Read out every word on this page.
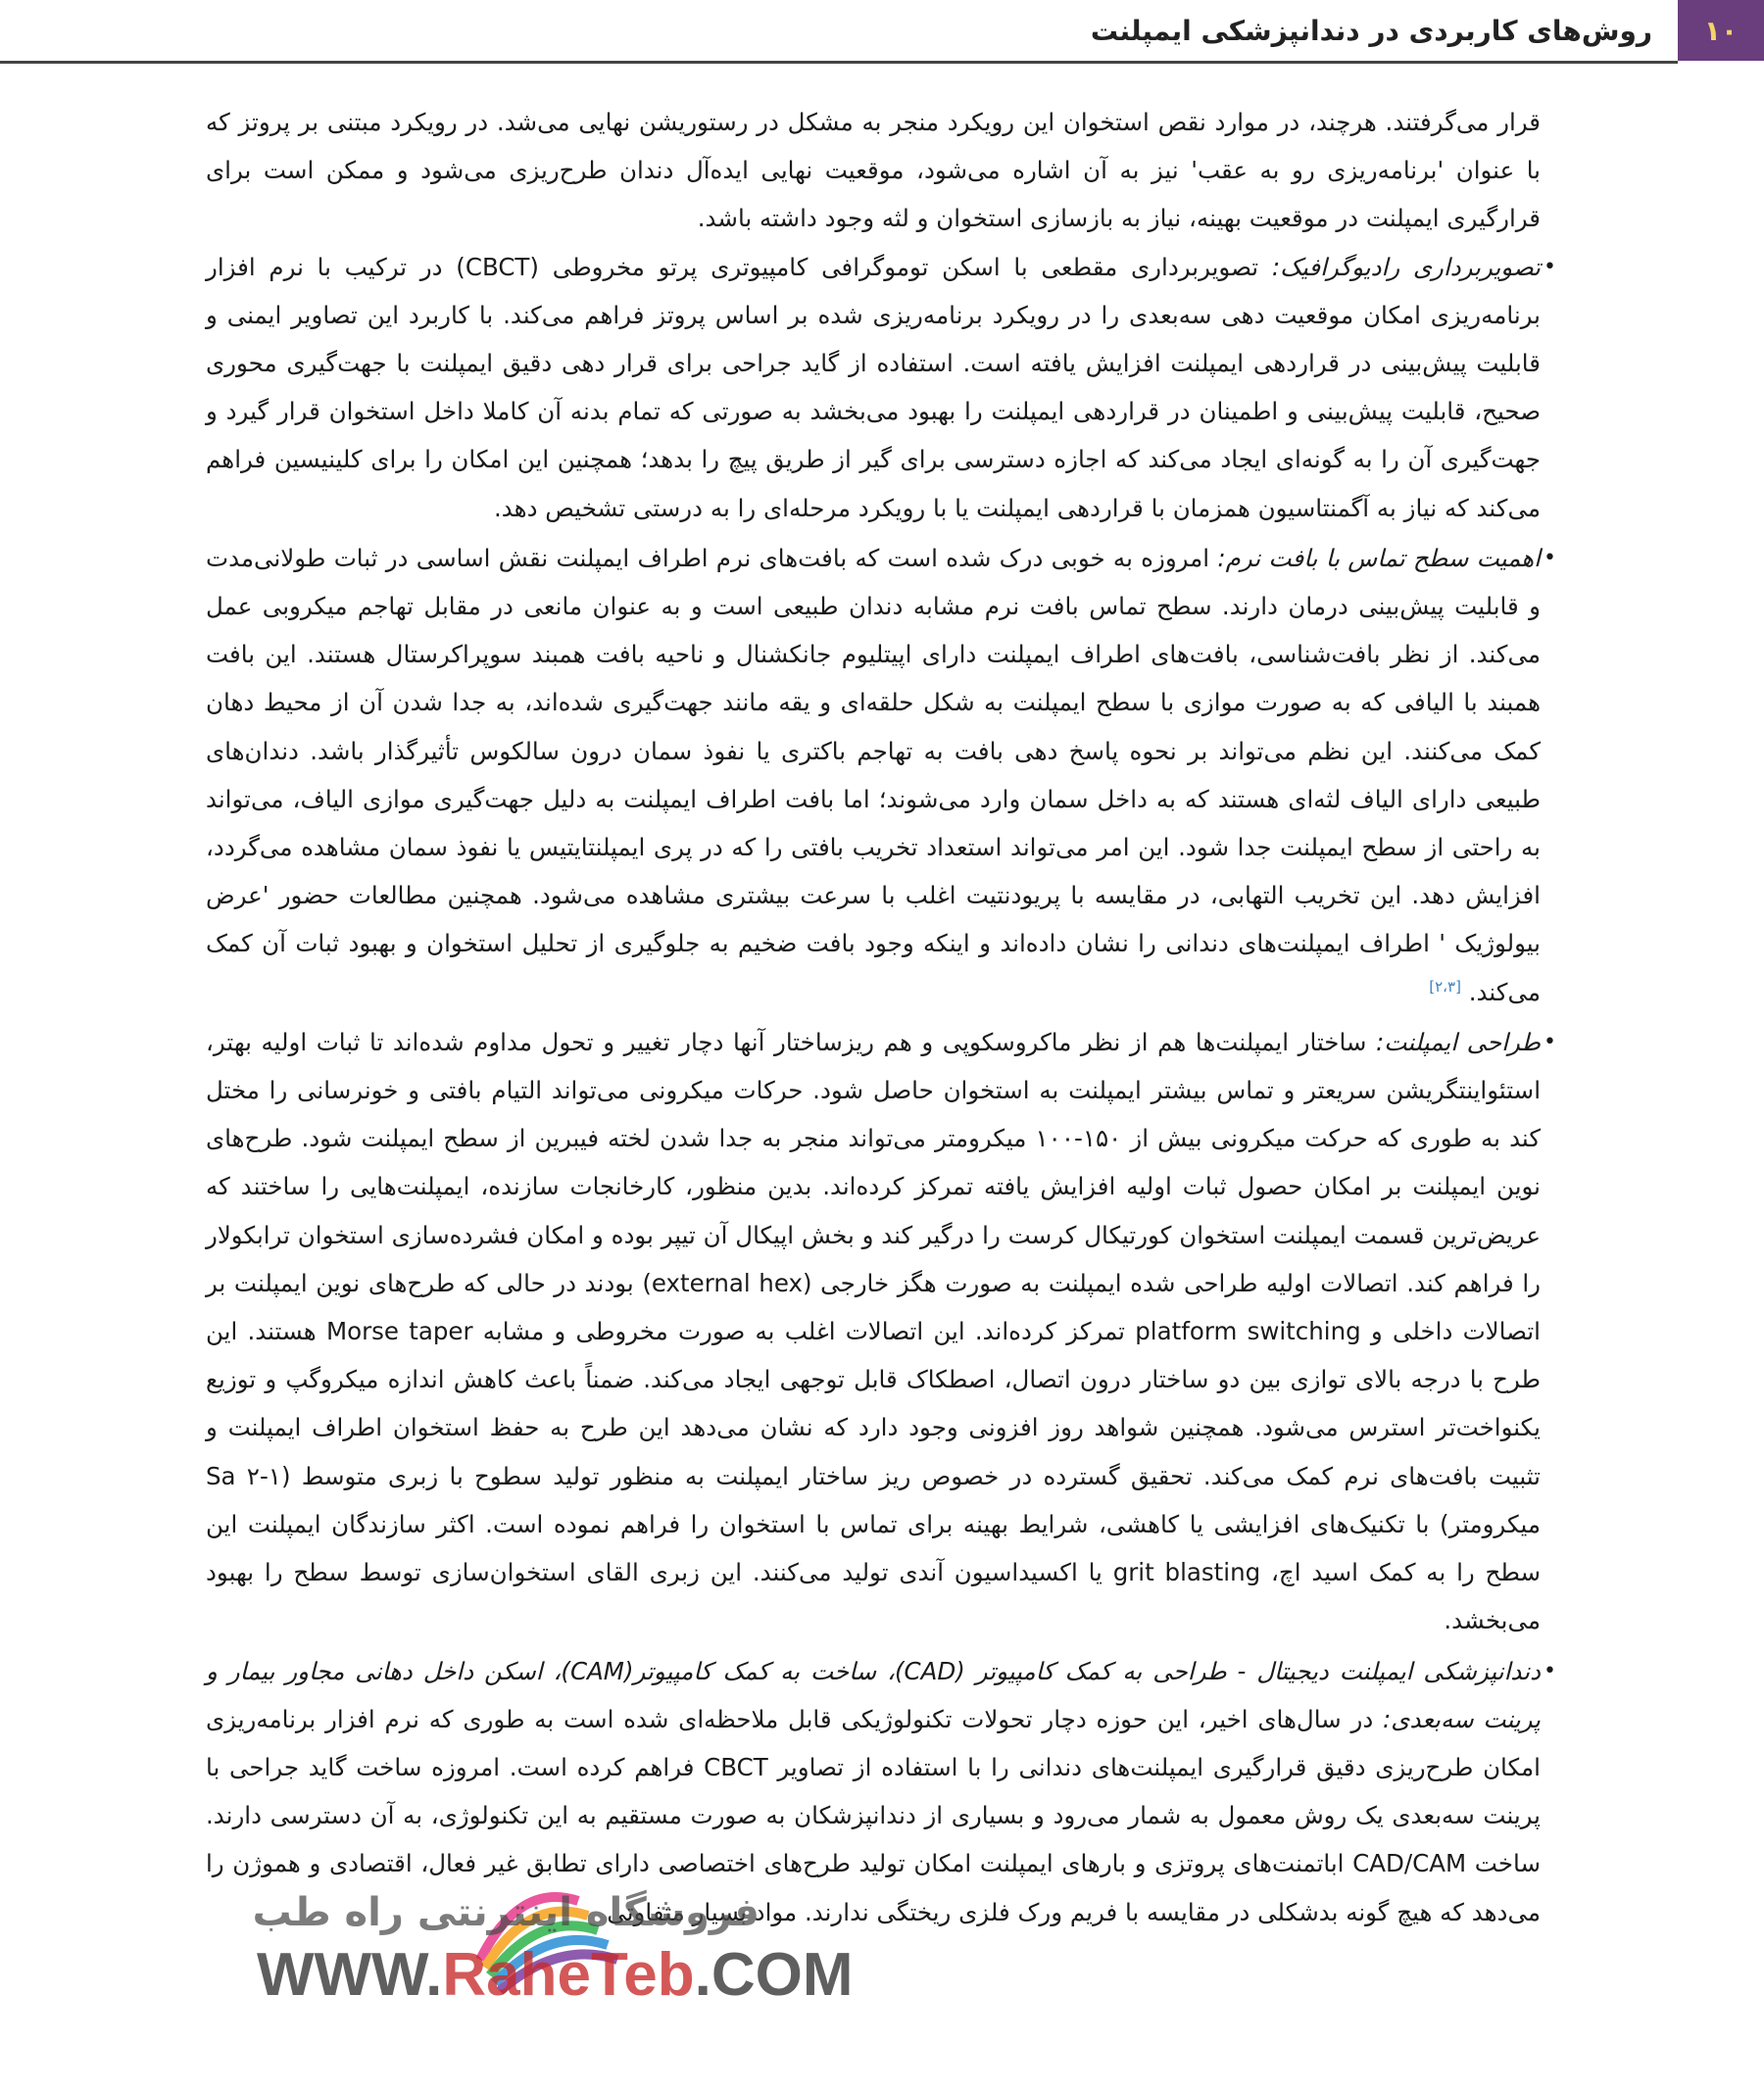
۱۰
روش‌های کاربردی در دندانپزشکی ایمپلنت

قرار می‌گرفتند. هرچند، در موارد نقص استخوان این رویکرد منجر به مشکل در رستوریشن نهایی می‌شد. در رویکرد مبتنی بر پروتز که با عنوان 'برنامه‌ریزی رو به عقب' نیز به آن اشاره می‌شود، موقعیت نهایی ایده‌آل دندان طرح‌ریزی می‌شود و ممکن است برای قرارگیری ایمپلنت در موقعیت بهینه، نیاز به بازسازی استخوان و لثه وجود داشته باشد.

•
تصویربرداری رادیوگرافیک: تصویربرداری مقطعی با اسکن توموگرافی کامپیوتری پرتو مخروطی (CBCT) در ترکیب با نرم افزار برنامه‌ریزی امکان موقعیت دهی سه‌بعدی را در رویکرد برنامه‌ریزی شده بر اساس پروتز فراهم می‌کند. با کاربرد این تصاویر ایمنی و قابلیت پیش‌بینی در قراردهی ایمپلنت افزایش یافته است. استفاده از گاید جراحی برای قرار دهی دقیق ایمپلنت با جهت‌گیری محوری صحیح، قابلیت پیش‌بینی و اطمینان در قراردهی ایمپلنت را بهبود می‌بخشد به صورتی که تمام بدنه آن کاملا داخل استخوان قرار گیرد و جهت‌گیری آن را به گونه‌ای ایجاد می‌کند که اجازه دسترسی برای گیر از طریق پیچ را بدهد؛ همچنین این امکان را برای کلینیسین فراهم می‌کند که نیاز به آگمنتاسیون همزمان با قراردهی ایمپلنت یا با رویکرد مرحله‌ای را به درستی تشخیص دهد.
•
اهمیت سطح تماس با بافت نرم: امروزه به خوبی درک شده است که بافت‌های نرم اطراف ایمپلنت نقش اساسی در ثبات طولانی‌مدت و قابلیت پیش‌بینی درمان دارند. سطح تماس بافت نرم مشابه دندان طبیعی است و به عنوان مانعی در مقابل تهاجم میکروبی عمل می‌کند. از نظر بافت‌شناسی، بافت‌های اطراف ایمپلنت دارای اپیتلیوم جانکشنال و ناحیه بافت همبند سوپراکرستال هستند. این بافت همبند با الیافی که به صورت موازی با سطح ایمپلنت به شکل حلقه‌ای و یقه مانند جهت‌گیری شده‌اند، به جدا شدن آن از محیط دهان کمک می‌کنند. این نظم می‌تواند بر نحوه پاسخ دهی بافت به تهاجم باکتری یا نفوذ سمان درون سالکوس تأثیرگذار باشد. دندان‌های طبیعی دارای الیاف لثه‌ای هستند که به داخل سمان وارد می‌شوند؛ اما بافت اطراف ایمپلنت به دلیل جهت‌گیری موازی الیاف، می‌تواند به راحتی از سطح ایمپلنت جدا شود. این امر می‌تواند استعداد تخریب بافتی را که در پری ایمپلنتایتیس یا نفوذ سمان مشاهده می‌گردد، افزایش دهد. این تخریب التهابی، در مقایسه با پریودنتیت اغلب با سرعت بیشتری مشاهده می‌شود. همچنین مطالعات حضور 'عرض بیولوژیک ' اطراف ایمپلنت‌های دندانی را نشان داده‌اند و اینکه وجود بافت ضخیم به جلوگیری از تحلیل استخوان و بهبود ثبات آن کمک می‌کند. [۲،۳]
•
طراحی ایمپلنت: ساختار ایمپلنت‌ها هم از نظر ماکروسکوپی و هم ریزساختار آنها دچار تغییر و تحول مداوم شده‌اند تا ثبات اولیه بهتر، استئواینتگریشن سریعتر و تماس بیشتر ایمپلنت به استخوان حاصل شود. حرکات میکرونی می‌تواند التیام بافتی و خونرسانی را مختل کند به طوری که حرکت میکرونی بیش از ۱۵۰-۱۰۰ میکرومتر می‌تواند منجر به جدا شدن لخته فیبرین از سطح ایمپلنت شود. طرح‌های نوین ایمپلنت بر امکان حصول ثبات اولیه افزایش یافته تمرکز کرده‌اند. بدین منظور، کارخانجات سازنده، ایمپلنت‌هایی را ساختند که عریض‌ترین قسمت ایمپلنت استخوان کورتیکال کرست را درگیر کند و بخش اپیکال آن تیپر بوده و امکان فشرده‌سازی استخوان ترابکولار را فراهم کند. اتصالات اولیه طراحی شده ایمپلنت به صورت هگز خارجی (external hex) بودند در حالی که طرح‌های نوین ایمپلنت بر اتصالات داخلی و platform switching تمرکز کرده‌اند. این اتصالات اغلب به صورت مخروطی و مشابه Morse taper هستند. این طرح با درجه بالای توازی بین دو ساختار درون اتصال، اصطکاک قابل توجهی ایجاد می‌کند. ضمناً باعث کاهش اندازه میکروگپ و توزیع یکنواخت‌تر استرس می‌شود. همچنین شواهد روز افزونی وجود دارد که نشان می‌دهد این طرح به حفظ استخوان اطراف ایمپلنت و تثبیت بافت‌های نرم کمک می‌کند. تحقیق گسترده در خصوص ریز ساختار ایمپلنت به منظور تولید سطوح با زبری متوسط (Sa ۲-۱ میکرومتر) با تکنیک‌های افزایشی یا کاهشی، شرایط بهینه برای تماس با استخوان را فراهم نموده است. اکثر سازندگان ایمپلنت این سطح را به کمک اسید اچ، grit blasting یا اکسیداسیون آندی تولید می‌کنند. این زبری القای استخوان‌سازی توسط سطح را بهبود می‌بخشد.
•
دندانپزشکی ایمپلنت دیجیتال - طراحی به کمک کامپیوتر (CAD)، ساخت به کمک کامپیوتر(CAM)، اسکن داخل دهانی مجاور بیمار و پرینت سه‌بعدی: در سال‌های اخیر، این حوزه دچار تحولات تکنولوژیکی قابل ملاحظه‌ای شده است به طوری که نرم افزار برنامه‌ریزی امکان طرح‌ریزی دقیق قرارگیری ایمپلنت‌های دندانی را با استفاده از تصاویر CBCT فراهم کرده است. امروزه ساخت گاید جراحی با پرینت سه‌بعدی یک روش معمول به شمار می‌رود و بسیاری از دندانپزشکان به صورت مستقیم به این تکنولوژی، به آن دسترسی دارند. ساخت CAD/CAM اباتمنت‌های پروتزی و بارهای ایمپلنت امکان تولید طرح‌های اختصاصی دارای تطابق غیر فعال، اقتصادی و هموژن را می‌دهد که هیچ گونه بدشکلی در مقایسه با فریم ورک فلزی ریختگی ندارند. مواد بسیار متفاوتی
فروشگاه اینترنتی راه طب
WWW.RaheTeb.COM
